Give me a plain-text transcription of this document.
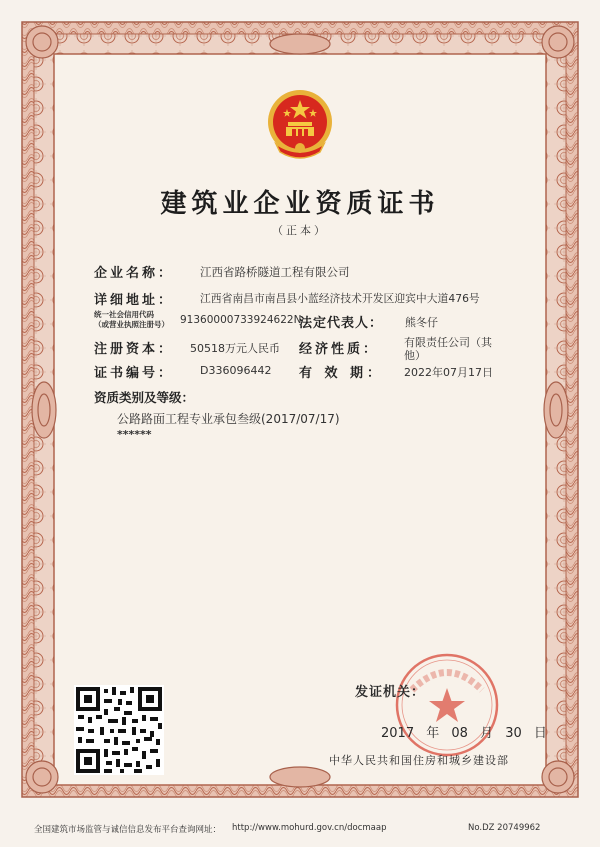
建筑业企业资质证书
（正本）
企业名称： 江西省路桥隧道工程有限公司
详细地址： 江西省南昌市南昌县小蓝经济技术开发区迎宾中大道476号
统一社会信用代码
（或营业执照注册号） 91360000733924622N
法定代表人： 熊冬仔
注册资本： 50518万元人民币 经济性质： 有限责任公司（其
他）
证书编号： D336096442 有 效 期： 2022年07月17日
资质类别及等级：
公路路面工程专业承包叁级(2017/07/17)
******
发证机关：
2017 年 08 月 30 日
中华人民共和国住房和城乡建设部
全国建筑市场监管与诚信信息发布平台查询网址： http://www.mohurd.gov.cn/docmaap	No.DZ 20749962
